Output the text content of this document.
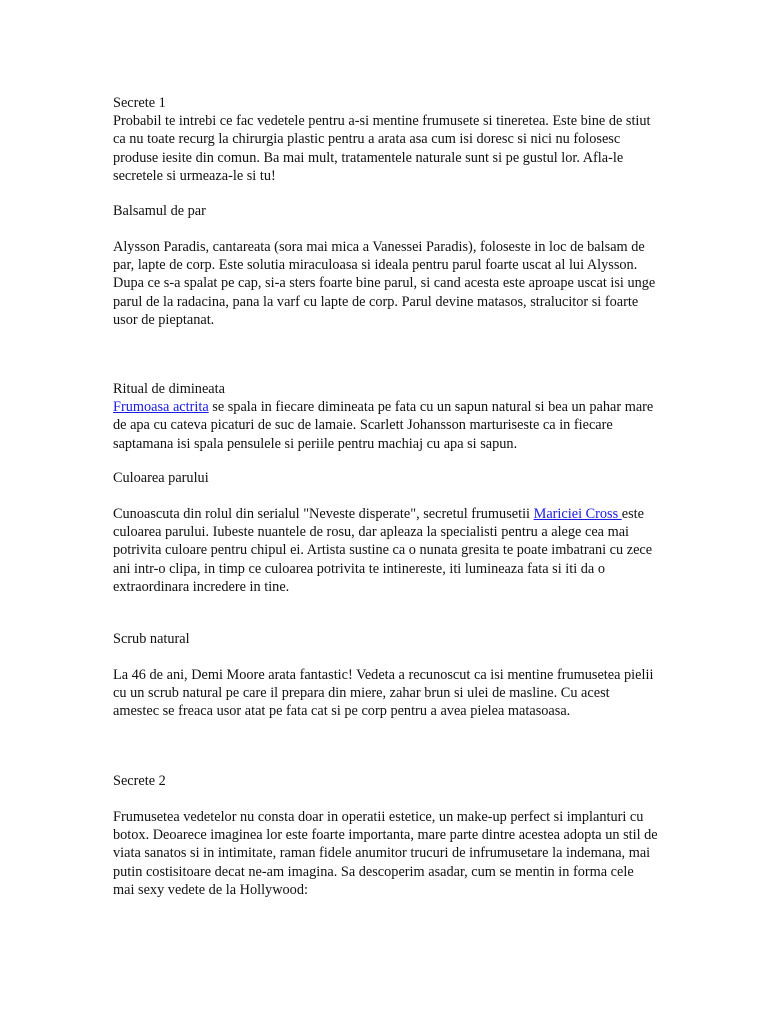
Secrete 1

Probabil te intrebi ce fac vedetele pentru a-si mentine frumusete si tineretea. Este bine de stiut ca nu toate recurg la chirurgia plastic pentru a arata asa cum isi doresc si nici nu folosesc produse iesite din comun. Ba mai mult, tratamentele naturale sunt si pe gustul lor. Afla-le secretele si urmeaza-le si tu!

Balsamul de par

Alysson Paradis, cantareata (sora mai mica a Vanessei Paradis), foloseste in loc de balsam de par, lapte de corp. Este solutia miraculoasa si ideala pentru parul foarte uscat al lui Alysson. Dupa ce s-a spalat pe cap, si-a sters foarte bine parul, si cand acesta este aproape uscat isi unge parul de la radacina, pana la varf cu lapte de corp. Parul devine matasos, stralucitor si foarte usor de pieptanat.

Ritual de dimineata

Frumoasa actrita se spala in fiecare dimineata pe fata cu un sapun natural si bea un pahar mare de apa cu cateva picaturi de suc de lamaie. Scarlett Johansson marturiseste ca in fiecare saptamana isi spala pensulele si periile pentru machiaj cu apa si sapun.

Culoarea parului

Cunoascuta din rolul din serialul "Neveste disperate", secretul frumusetii Mariciei Cross este culoarea parului. Iubeste nuantele de rosu, dar apleaza la specialisti pentru a alege cea mai potrivita culoare pentru chipul ei. Artista sustine ca o nunata gresita te poate imbatrani cu zece ani intr-o clipa, in timp ce culoarea potrivita te intinereste, iti lumineaza fata si iti da o extraordinara incredere in tine.

Scrub natural

La 46 de ani, Demi Moore arata fantastic! Vedeta a recunoscut ca isi mentine frumusetea pielii cu un scrub natural pe care il prepara din miere, zahar brun si ulei de masline. Cu acest amestec se freaca usor atat pe fata cat si pe corp pentru a avea pielea matasoasa.

Secrete 2

Frumusetea vedetelor nu consta doar in operatii estetice, un make-up perfect si implanturi cu botox. Deoarece imaginea lor este foarte importanta, mare parte dintre acestea adopta un stil de viata sanatos si in intimitate, raman fidele anumitor trucuri de infrumusetare la indemana, mai putin costisitoare decat ne-am imagina. Sa descoperim asadar, cum se mentin in forma cele mai sexy vedete de la Hollywood:
